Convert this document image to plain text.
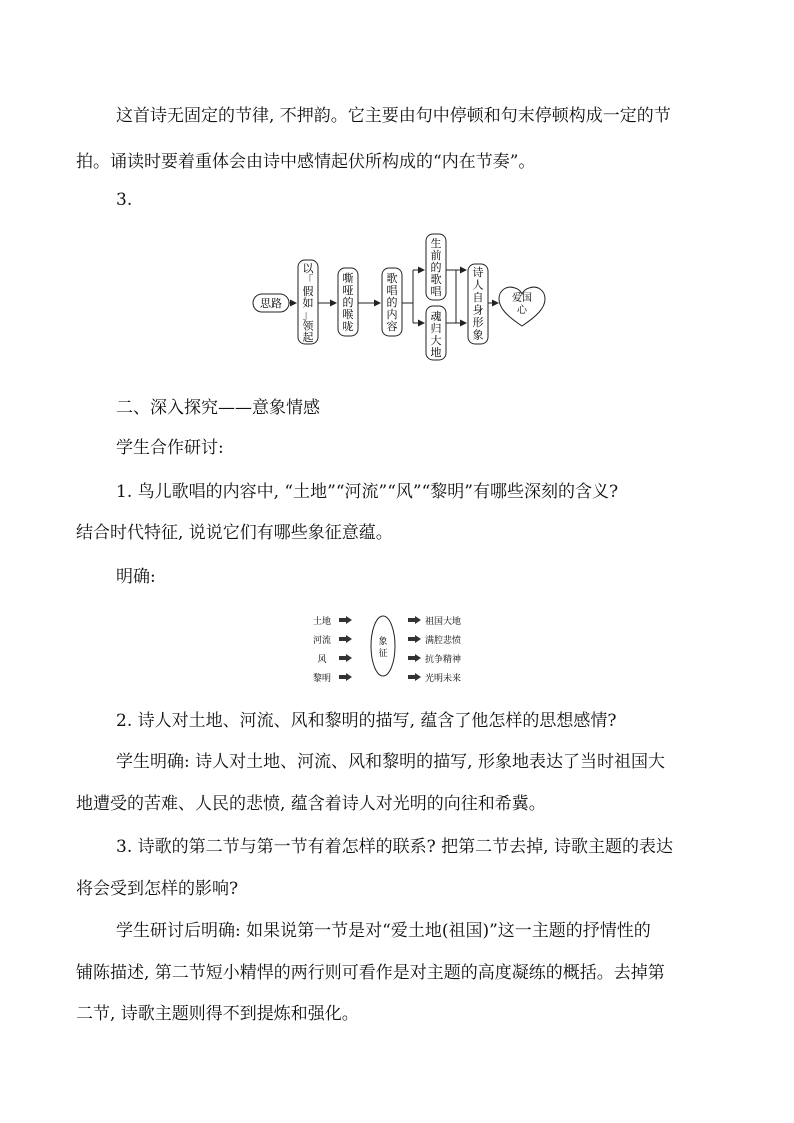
这首诗无固定的节律, 不押韵。它主要由句中停顿和句末停顿构成一定的节
拍。诵读时要着重体会由诗中感情起伏所构成的“内在节奏”。
3.
思路
以
「
假
如
」
领
起
嘶
哑
的
喉
咙
歌
唱
的
内
容
生
前
的
歌
唱
魂
归
大
地
诗
人
自
身
形
象
爱国
心
二、深入探究——意象情感
学生合作研讨:
1. 鸟儿歌唱的内容中, “土地”“河流”“风”“黎明”有哪些深刻的含义?
结合时代特征, 说说它们有哪些象征意蕴。
明确:
土地
河流
风
黎明
象
征
祖国大地
满腔悲愤
抗争精神
光明未来
2. 诗人对土地、河流、风和黎明的描写, 蕴含了他怎样的思想感情?
学生明确: 诗人对土地、河流、风和黎明的描写, 形象地表达了当时祖国大
地遭受的苦难、人民的悲愤, 蕴含着诗人对光明的向往和希冀。
3. 诗歌的第二节与第一节有着怎样的联系? 把第二节去掉, 诗歌主题的表达
将会受到怎样的影响?
学生研讨后明确: 如果说第一节是对“爱土地(祖国)”这一主题的抒情性的
铺陈描述, 第二节短小精悍的两行则可看作是对主题的高度凝练的概括。去掉第
二节, 诗歌主题则得不到提炼和强化。
